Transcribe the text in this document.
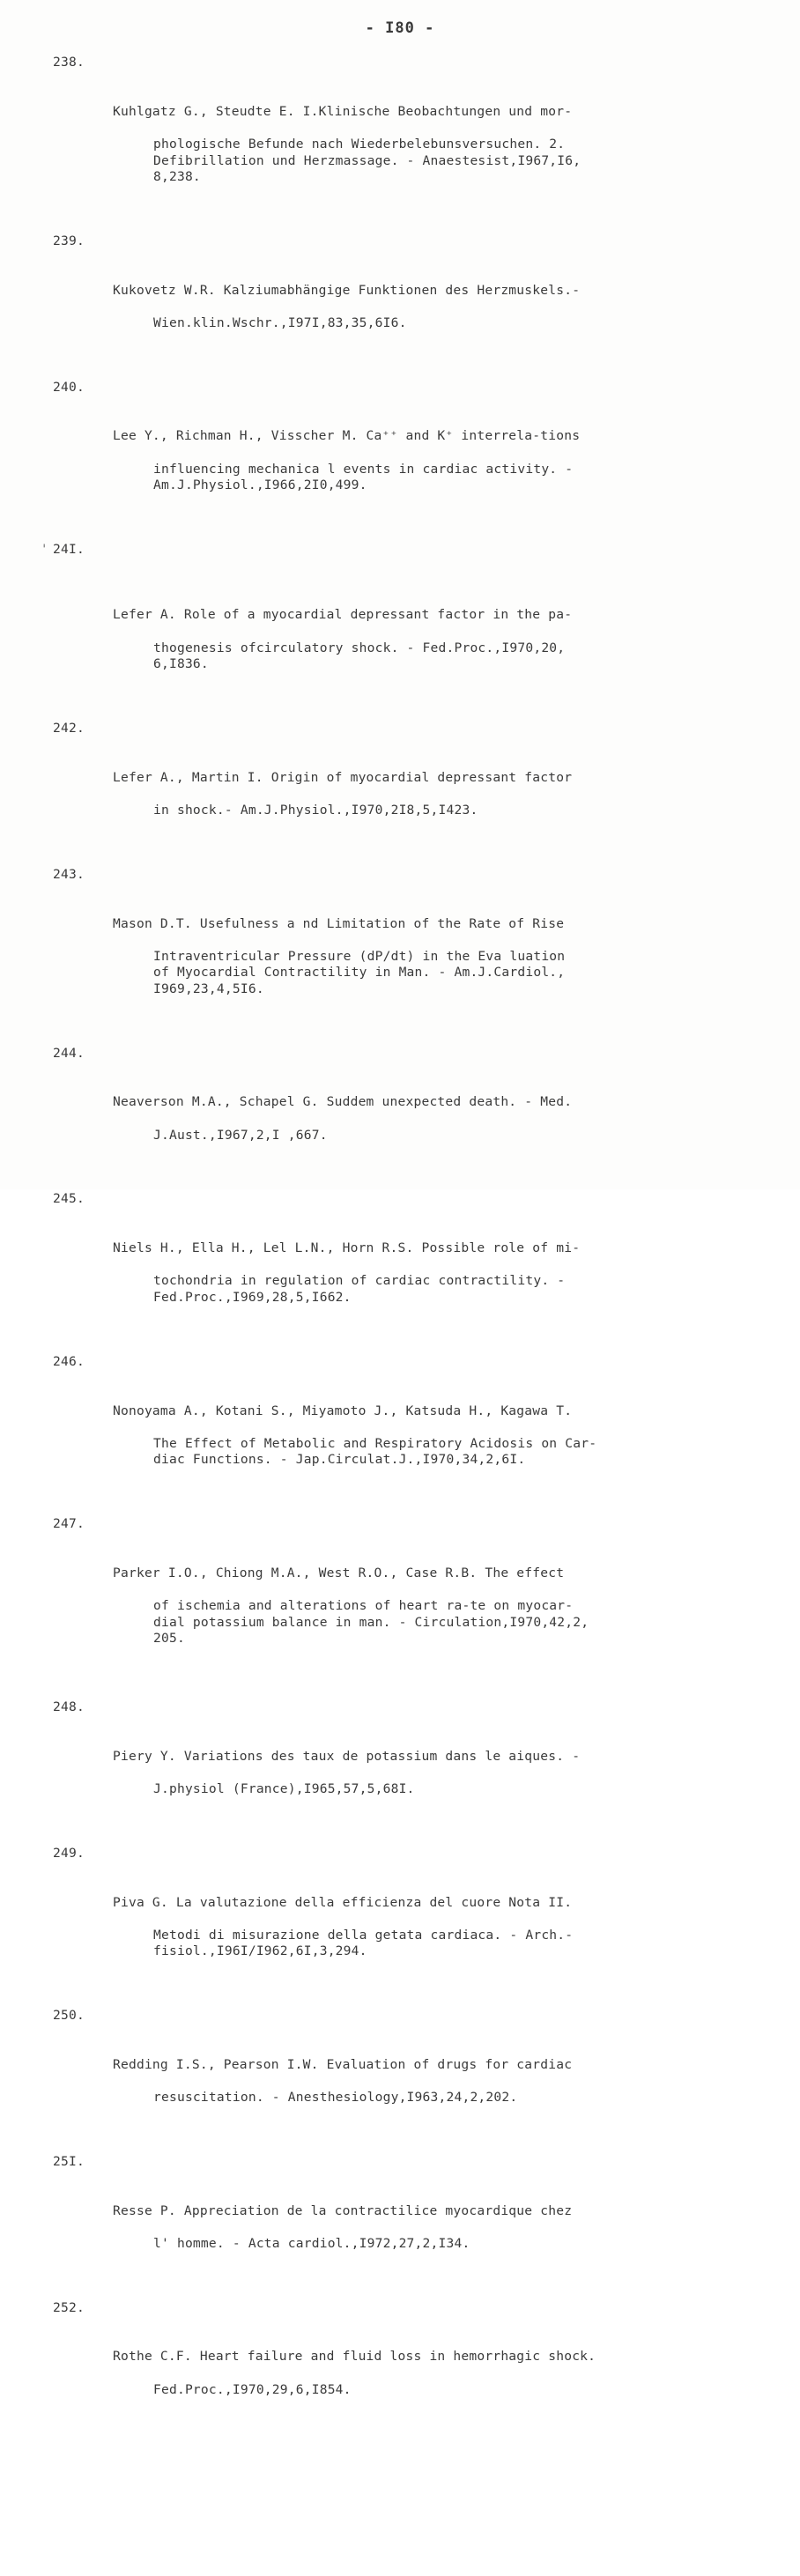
- I80 -

238.

Kuhlgatz G., Steudte E. I.Klinische Beobachtungen und mor-

phologische Befunde nach Wiederbelebunsversuchen. 2.
Defibrillation und Herzmassage. - Anaestesist,I967,I6,
8,238.

239.

Kukovetz W.R. Kalziumabhängige Funktionen des Herzmuskels.-

Wien.klin.Wschr.,I97I,83,35,6I6.

240.

Lee Y., Richman H., Visscher M. Ca⁺⁺ and K⁺ interrela-tions

influencing mechanica l events in cardiac activity. -
Am.J.Physiol.,I966,2I0,499.

' 24I.

Lefer A. Role of a myocardial depressant factor in the pa-

thogenesis ofcirculatory shock. - Fed.Proc.,I970,20,
6,I836.

242.

Lefer A., Martin I. Origin of myocardial depressant factor

in shock.- Am.J.Physiol.,I970,2I8,5,I423.

243.

Mason D.T. Usefulness a nd Limitation of the Rate of Rise

Intraventricular Pressure (dP/dt) in the Eva luation
of Myocardial Contractility in Man. - Am.J.Cardiol.,
I969,23,4,5I6.

244.

Neaverson M.A., Schapel G. Suddem unexpected death. - Med.

J.Aust.,I967,2,I ,667.

245.

Niels H., Ella H., Lel L.N., Horn R.S. Possible role of mi-

tochondria in regulation of cardiac contractility. -
Fed.Proc.,I969,28,5,I662.

246.

Nonoyama A., Kotani S., Miyamoto J., Katsuda H., Kagawa T.

The Effect of Metabolic and Respiratory Acidosis on Car-
diac Functions. - Jap.Circulat.J.,I970,34,2,6I.

247.

Parker I.O., Chiong M.A., West R.O., Case R.B. The effect

of ischemia and alterations of heart ra-te on myocar-
dial potassium balance in man. - Circulation,I970,42,2,
205.

248.

Piery Y. Variations des taux de potassium dans le aiques. -

J.physiol (France),I965,57,5,68I.

249.

Piva G. La valutazione della efficienza del cuore Nota II.

Metodi di misurazione della getata cardiaca. - Arch.-
fisiol.,I96I/I962,6I,3,294.

250.

Redding I.S., Pearson I.W. Evaluation of drugs for cardiac

resuscitation. - Anesthesiology,I963,24,2,202.

25I.

Resse P. Appreciation de la contractilice myocardique chez

l' homme. - Acta cardiol.,I972,27,2,I34.

252.

Rothe C.F. Heart failure and fluid loss in hemorrhagic shock.

Fed.Proc.,I970,29,6,I854.
